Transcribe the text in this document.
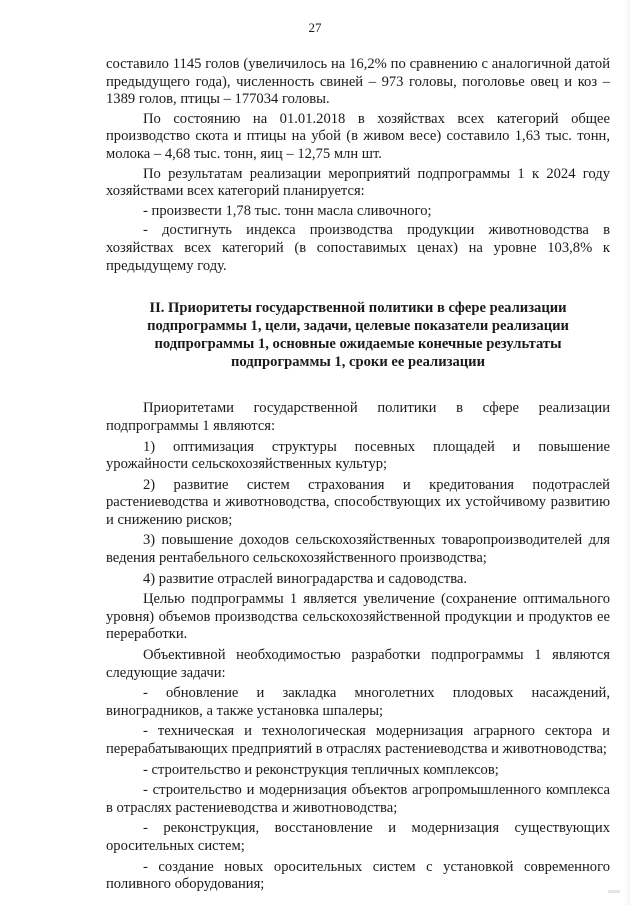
27

составило 1145 голов (увеличилось на 16,2% по сравнению с аналогичной датой предыдущего года), численность свиней – 973 головы, поголовье овец и коз – 1389 голов, птицы – 177034 головы.

По состоянию на 01.01.2018 в хозяйствах всех категорий общее производство скота и птицы на убой (в живом весе) составило 1,63 тыс. тонн, молока – 4,68 тыс. тонн, яиц – 12,75 млн шт.

По результатам реализации мероприятий подпрограммы 1 к 2024 году хозяйствами всех категорий планируется:

- произвести 1,78 тыс. тонн масла сливочного;

- достигнуть индекса производства продукции животноводства в хозяйствах всех категорий (в сопоставимых ценах) на уровне 103,8% к предыдущему году.

II. Приоритеты государственной политики в сфере реализации подпрограммы 1, цели, задачи, целевые показатели реализации подпрограммы 1, основные ожидаемые конечные результаты подпрограммы 1, сроки ее реализации

Приоритетами государственной политики в сфере реализации подпрограммы 1 являются:

1) оптимизация структуры посевных площадей и повышение урожайности сельскохозяйственных культур;

2) развитие систем страхования и кредитования подотраслей растениеводства и животноводства, способствующих их устойчивому развитию и снижению рисков;

3) повышение доходов сельскохозяйственных товаропроизводителей для ведения рентабельного сельскохозяйственного производства;

4) развитие отраслей виноградарства и садоводства.

Целью подпрограммы 1 является увеличение (сохранение оптимального уровня) объемов производства сельскохозяйственной продукции и продуктов ее переработки.

Объективной необходимостью разработки подпрограммы 1 являются следующие задачи:

- обновление и закладка многолетних плодовых насаждений, виноградников, а также установка шпалеры;

- техническая и технологическая модернизация аграрного сектора и перерабатывающих предприятий в отраслях растениеводства и животноводства;

- строительство и реконструкция тепличных комплексов;

- строительство и модернизация объектов агропромышленного комплекса в отраслях растениеводства и животноводства;

- реконструкция, восстановление и модернизация существующих оросительных систем;

- создание новых оросительных систем с установкой современного поливного оборудования;
